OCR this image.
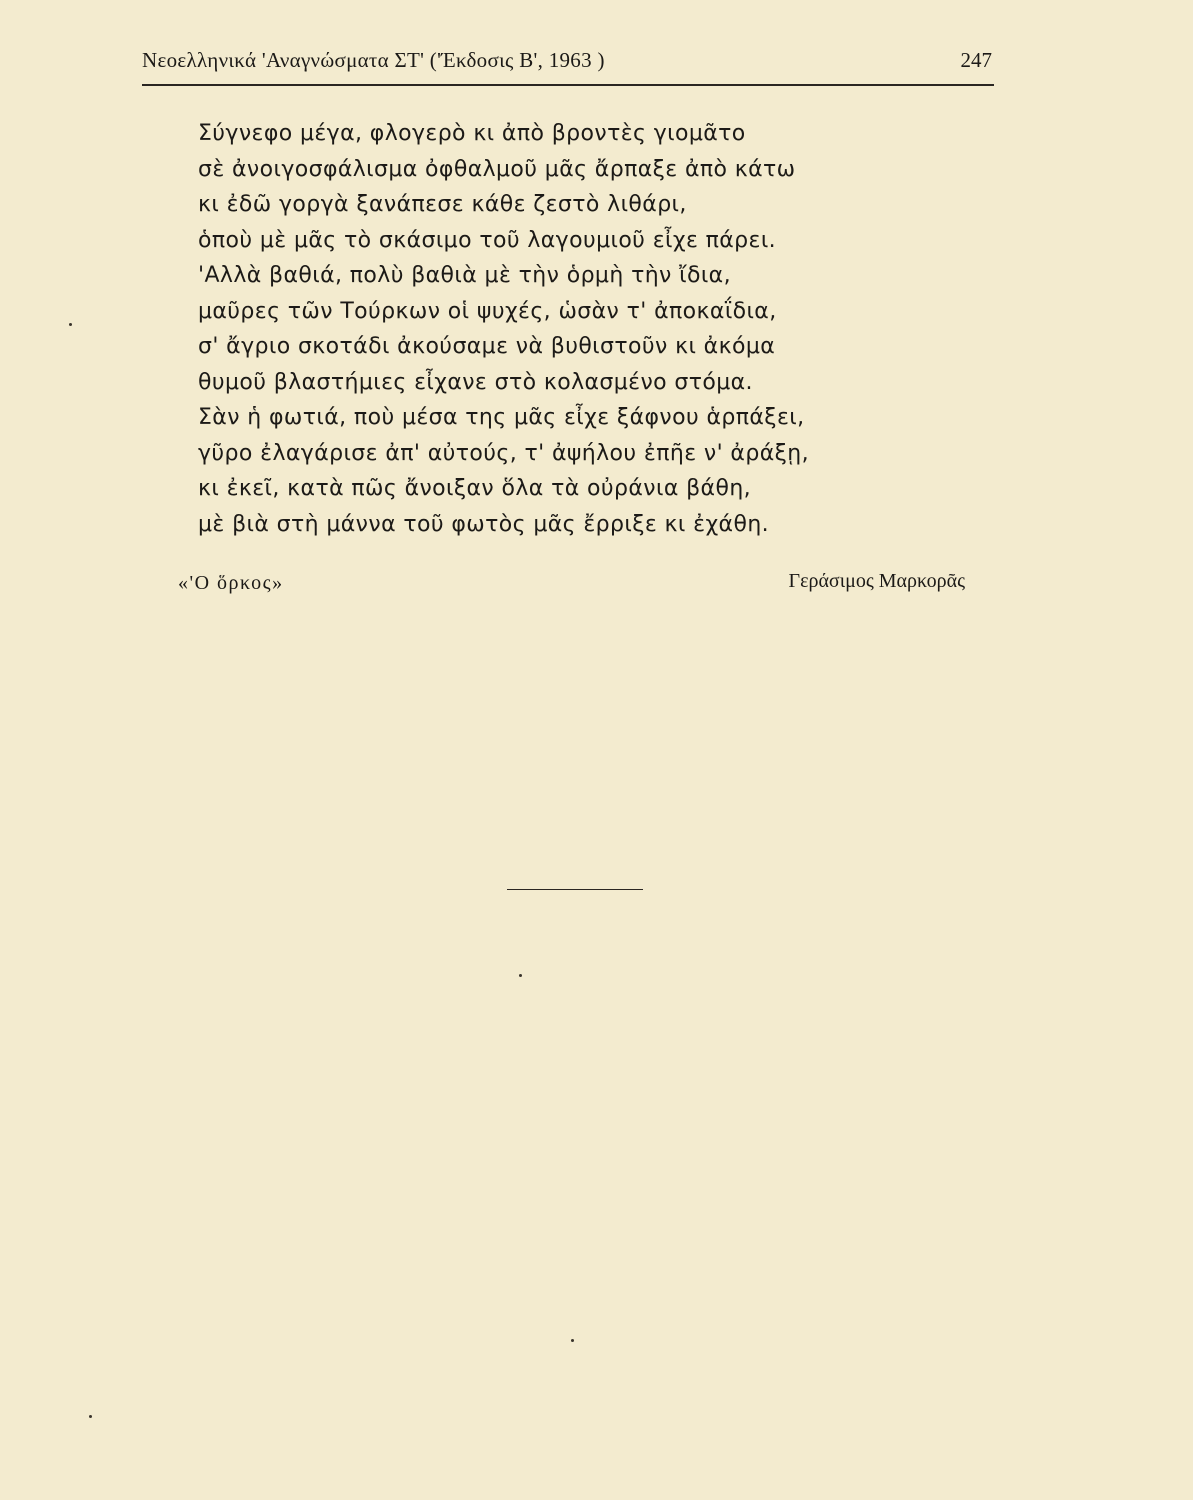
Νεοελληνικά 'Αναγνώσματα ΣΤ' ('Έκδοσις Β', 1963 )	247
Σύγνεφο μέγα, φλογερὸ κι ἀπὸ βροντὲς γιομᾶτο
σὲ ἀνοιγοσφάλισμα ὀφθαλμοῦ μᾶς ἄρπαξε ἀπὸ κάτω
κι ἐδῶ γοργὰ ξανάπεσε κάθε ζεστὸ λιθάρι,
ὁποὺ μὲ μᾶς τὸ σκάσιμο τοῦ λαγουμιοῦ εἶχε πάρει.
'Αλλὰ βαθιά, πολὺ βαθιὰ μὲ τὴν ὁρμὴ τὴν ἴδια,
μαῦρες τῶν Τούρκων οἱ ψυχές, ὡσὰν τ' ἀποκαΐδια,
σ' ἄγριο σκοτάδι ἀκούσαμε νὰ βυθιστοῦν κι ἀκόμα
θυμοῦ βλαστήμιες εἶχανε στὸ κολασμένο στόμα.
Σὰν ἡ φωτιά, ποὺ μέσα της μᾶς εἶχε ξάφνου ἁρπάξει,
γῦρο ἐλαγάρισε ἀπ' αὐτούς, τ' ἀψήλου ἐπῆε ν' ἀράξῃ,
κι ἐκεῖ, κατὰ πῶς ἄνοιξαν ὅλα τὰ οὐράνια βάθη,
μὲ βιὰ στὴ μάννα τοῦ φωτὸς μᾶς ἔρριξε κι ἐχάθη.
«'Ο ὅρκος»	Γεράσιμος Μαρκορᾶς
